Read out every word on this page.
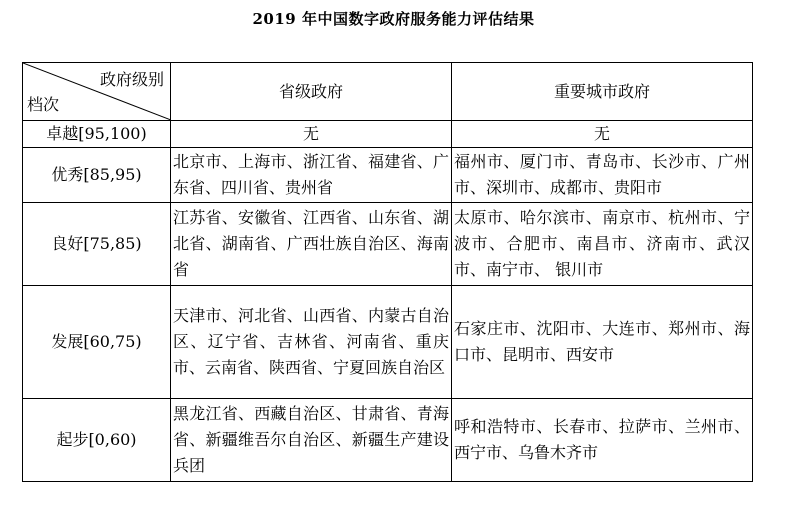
2019 年中国数字政府服务能力评估结果
政府级别
档次	省级政府	重要城市政府
卓越[95,100)	无	无
优秀[85,95)	北京市、上海市、浙江省、福建省、广东省、四川省、贵州省	福州市、厦门市、青岛市、长沙市、广州市、深圳市、成都市、贵阳市
良好[75,85)	江苏省、安徽省、江西省、山东省、湖北省、湖南省、广西壮族自治区、海南省	太原市、哈尔滨市、南京市、杭州市、宁波市、合肥市、南昌市、济南市、武汉市、南宁市、 银川市
发展[60,75)	天津市、河北省、山西省、内蒙古自治区、辽宁省、吉林省、河南省、重庆市、云南省、陕西省、宁夏回族自治区	石家庄市、沈阳市、大连市、郑州市、海口市、昆明市、西安市
起步[0,60)	黑龙江省、西藏自治区、甘肃省、青海省、新疆维吾尔自治区、新疆生产建设兵团	呼和浩特市、长春市、拉萨市、兰州市、西宁市、乌鲁木齐市
